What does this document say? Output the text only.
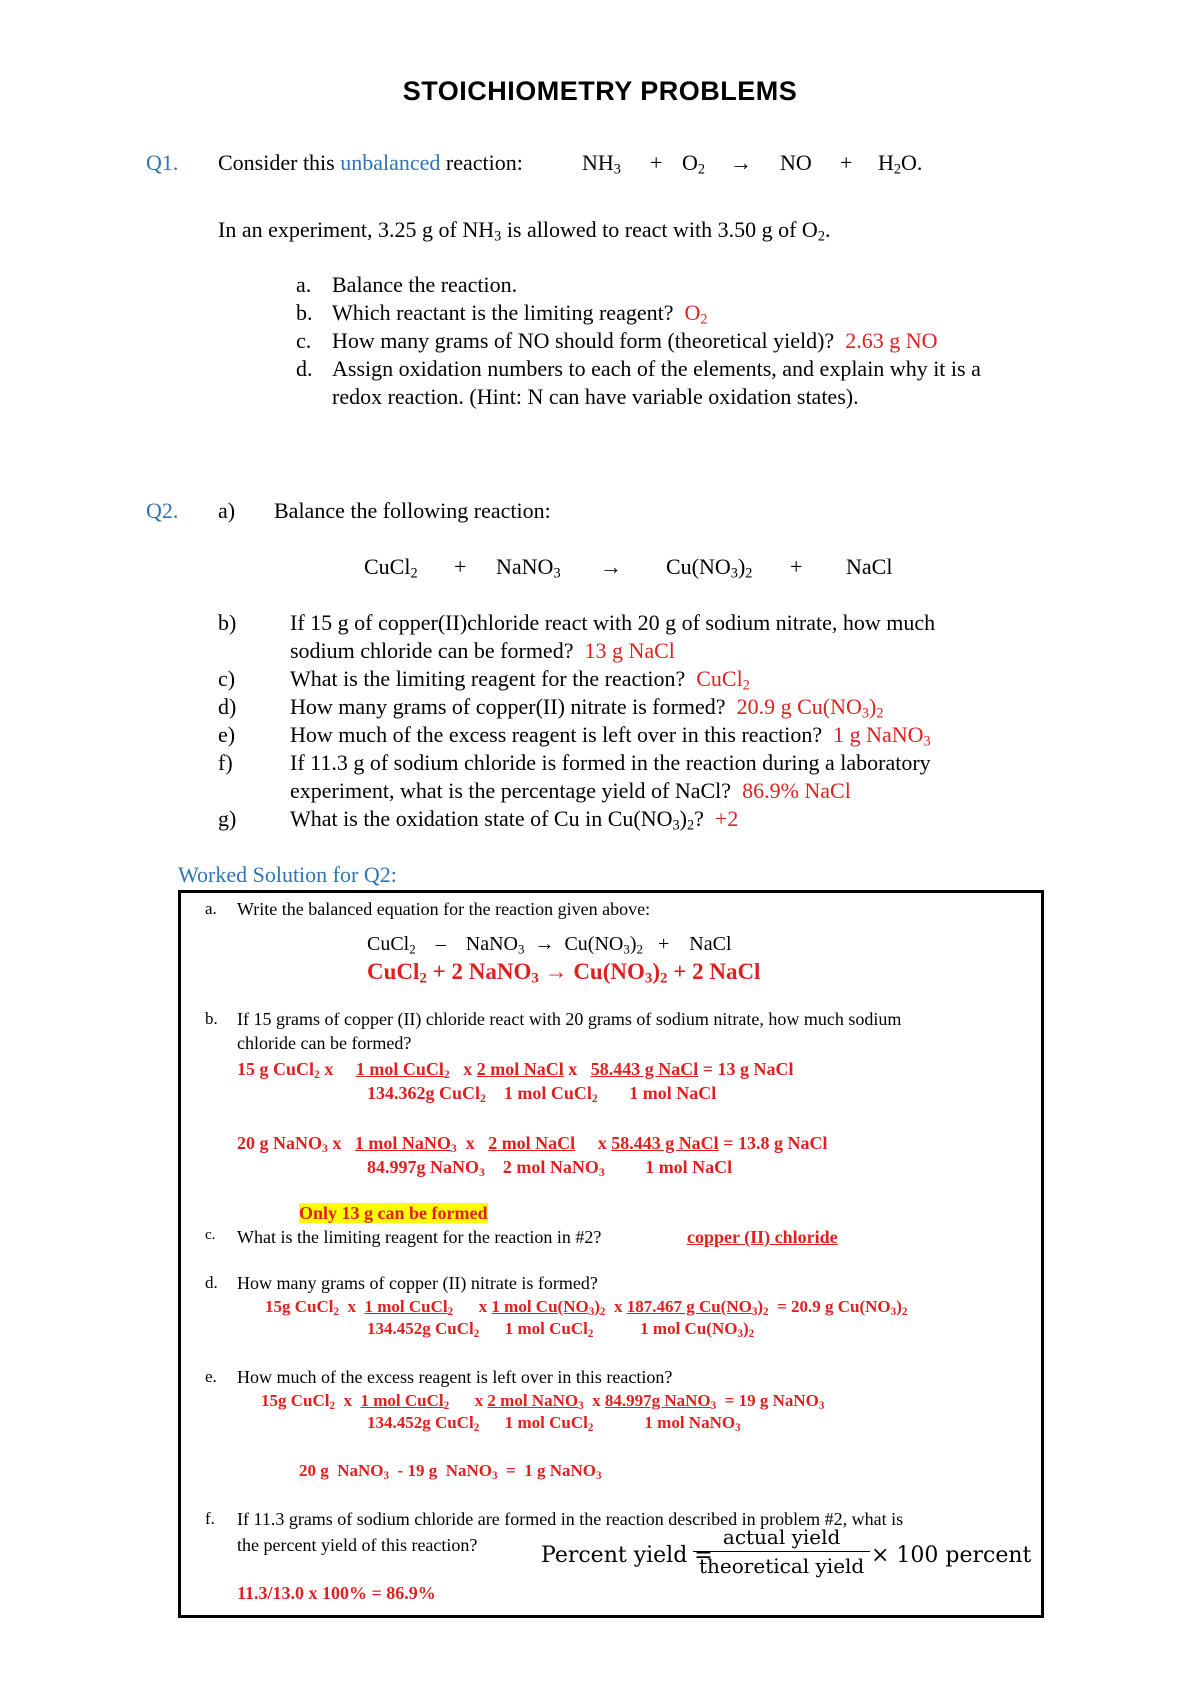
STOICHIOMETRY PROBLEMS
Q1. Consider this unbalanced reaction:	$NH_3 + O_2$ → NO + $H_2O$.
In an experiment, 3.25 g of $NH_3$ is allowed to react with 3.50 g of $O_2$.
a. Balance the reaction.
b. Which reactant is the limiting reagent? $O_2$
c. How many grams of NO should form (theoretical yield)? 2.63 g NO
d. Assign oxidation numbers to each of the elements, and explain why it is a
redox reaction. (Hint: N can have variable oxidation states).
Q2. a) Balance the following reaction:
CuCl$_2$ + NaNO$_3$ → $Cu(NO_3)_2$ + NaCl
b) If 15 g of copper(II)chloride react with 20 g of sodium nitrate, how much
sodium chloride can be formed? 13 g NaCl
c) What is the limiting reagent for the reaction? CuCl$_2$
d) How many grams of copper(II) nitrate is formed? 20.9 g $Cu(NO_3)_2$
e) How much of the excess reagent is left over in this reaction? 1 g NaNO$_3$
f)	If 11.3 g of sodium chloride is formed in the reaction during a laboratory
experiment, what is the percentage yield of NaCl? 86.9% NaCl
g) What is the oxidation state of Cu in $Cu(NO_3)_2$?  +2
Worked Solution for Q2:
a. Write the balanced equation for the reaction given above:
CuCl$_2$    –    NaNO$_3$ →  $Cu(NO_3)_2$   +    NaCl
CuCl$_2$ + 2 NaNO$_3$ → $Cu(NO_3)_2 + 2$ NaCl
b. If 15 grams of copper (II) chloride react with 20 grams of sodium nitrate, how much sodium
chloride can be formed?
15 g CuCl$_2$ x     1 mol CuCl$_2$   x 2 mol NaCl x   58.443 g NaCl = 13 g NaCl
134.362g CuCl$_2$    1 mol CuCl$_2$       1 mol NaCl
20 g NaNO$_3$ x   1 mol NaNO$_3$  x   2 mol NaCl     x 58.443 g NaCl = 13.8 g NaCl
84.997g NaNO$_3$    2 mol NaNO$_3$         1 mol NaCl
Only 13 g can be formed
c. What is the limiting reagent for the reaction in #2?	copper (II) chloride
d. How many grams of copper (II) nitrate is formed?
15g CuCl$_2$  x  1 mol CuCl$_2$      x 1 mol $Cu(NO_3)_2$  x 187.467 g $Cu(NO_3)_2 = 20.9$ g $Cu(NO_3)_2$
134.452g CuCl$_2$      1 mol CuCl$_2$           1 mol $Cu(NO_3)_2$
e. How much of the excess reagent is left over in this reaction?
15g CuCl$_2$  x  1 mol CuCl$_2$      x 2 mol NaNO$_3$  x 84.997g NaNO$_3$  = 19 g NaNO$_3$
134.452g CuCl$_2$      1 mol CuCl$_2$            1 mol NaNO$_3$
20 g  NaNO$_3$  - 19 g  NaNO$_3$  =  1 g NaNO$_3$
f. If 11.3 grams of sodium chloride are formed in the reaction described in problem #2, what is
the percent yield of this reaction?	Percent yield =
actual yield
theoretical yield × 100 percent
11.3/13.0 x 100% = 86.9%
